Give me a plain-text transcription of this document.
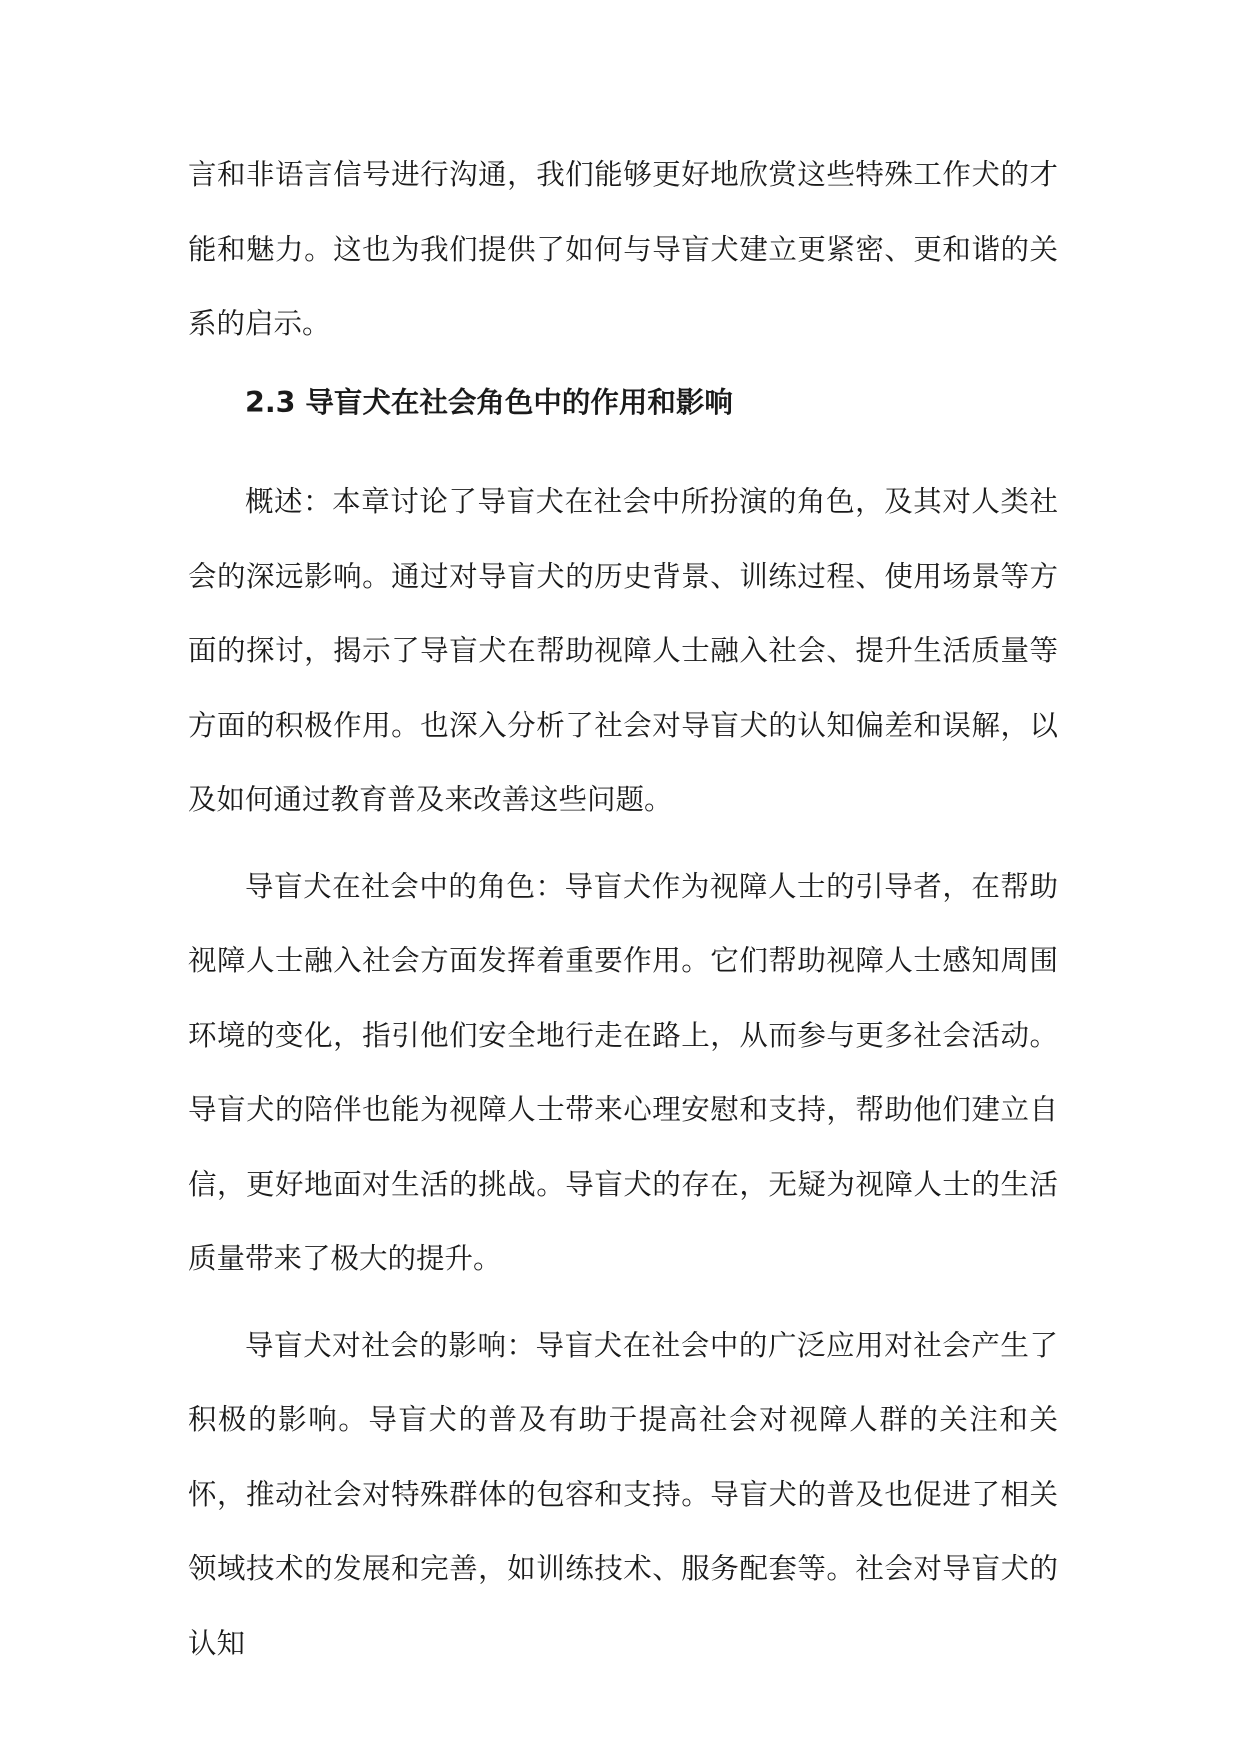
言和非语言信号进行沟通，我们能够更好地欣赏这些特殊工作犬的才能和魅力。这也为我们提供了如何与导盲犬建立更紧密、更和谐的关系的启示。

2.3 导盲犬在社会角色中的作用和影响

概述：本章讨论了导盲犬在社会中所扮演的角色，及其对人类社会的深远影响。通过对导盲犬的历史背景、训练过程、使用场景等方面的探讨，揭示了导盲犬在帮助视障人士融入社会、提升生活质量等方面的积极作用。也深入分析了社会对导盲犬的认知偏差和误解，以及如何通过教育普及来改善这些问题。

导盲犬在社会中的角色：导盲犬作为视障人士的引导者，在帮助视障人士融入社会方面发挥着重要作用。它们帮助视障人士感知周围环境的变化，指引他们安全地行走在路上，从而参与更多社会活动。导盲犬的陪伴也能为视障人士带来心理安慰和支持，帮助他们建立自信，更好地面对生活的挑战。导盲犬的存在，无疑为视障人士的生活质量带来了极大的提升。

导盲犬对社会的影响：导盲犬在社会中的广泛应用对社会产生了积极的影响。导盲犬的普及有助于提高社会对视障人群的关注和关怀，推动社会对特殊群体的包容和支持。导盲犬的普及也促进了相关领域技术的发展和完善，如训练技术、服务配套等。社会对导盲犬的认知
